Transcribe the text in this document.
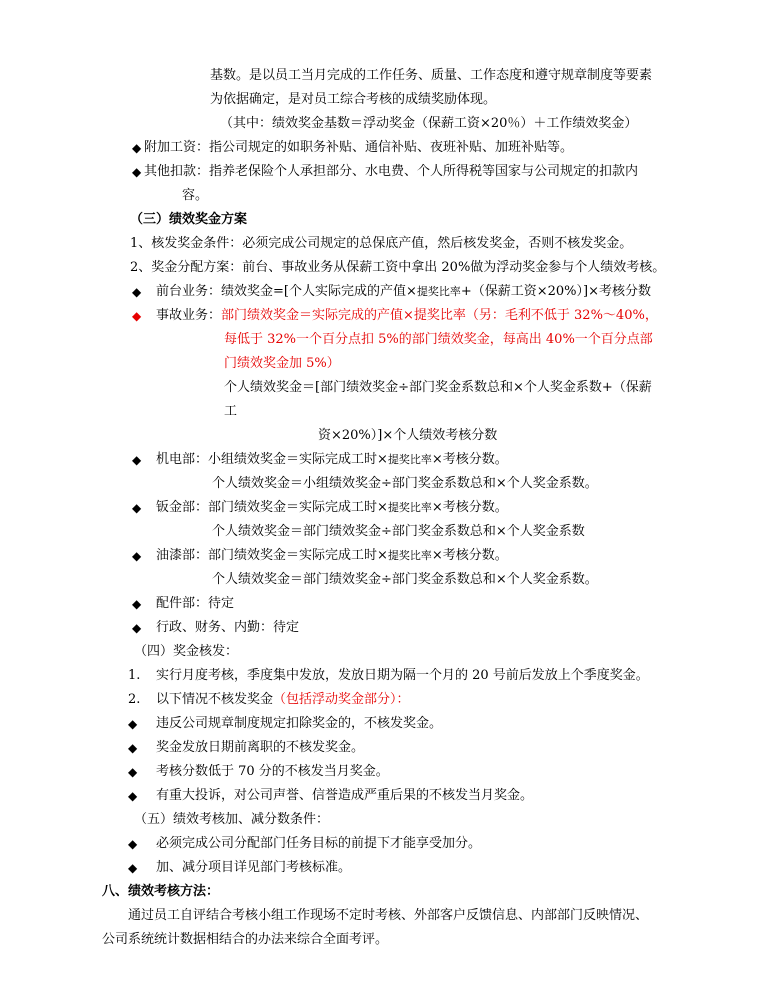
基数。是以员工当月完成的工作任务、质量、工作态度和遵守规章制度等要素
为依据确定，是对员工综合考核的成绩奖励体现。
（其中：绩效奖金基数＝浮动奖金（保薪工资×20％）＋工作绩效奖金）
◆ 附加工资：指公司规定的如职务补贴、通信补贴、夜班补贴、加班补贴等。
◆ 其他扣款：指养老保险个人承担部分、水电费、个人所得税等国家与公司规定的扣款内
容。
（三）绩效奖金方案
1、核发奖金条件：必须完成公司规定的总保底产值，然后核发奖金，否则不核发奖金。
2、奖金分配方案：前台、事故业务从保薪工资中拿出 20%做为浮动奖金参与个人绩效考核。
◆ 前台业务：绩效奖金=[个人实际完成的产值×提奖比率+（保薪工资×20%）]×考核分数
◆ 事故业务：部门绩效奖金＝实际完成的产值×提奖比率（另：毛利不低于 32%～40%，
每低于 32%一个百分点扣 5%的部门绩效奖金，每高出 40%一个百分点部
门绩效奖金加 5%）
个人绩效奖金＝[部门绩效奖金÷部门奖金系数总和×个人奖金系数+（保薪
工
资×20%）]×个人绩效考核分数
◆ 机电部：小组绩效奖金＝实际完成工时×提奖比率×考核分数。
个人绩效奖金＝小组绩效奖金÷部门奖金系数总和×个人奖金系数。
◆ 钣金部：部门绩效奖金＝实际完成工时×提奖比率×考核分数。
个人绩效奖金＝部门绩效奖金÷部门奖金系数总和×个人奖金系数
◆ 油漆部：部门绩效奖金＝实际完成工时×提奖比率×考核分数。
个人绩效奖金＝部门绩效奖金÷部门奖金系数总和×个人奖金系数。
◆ 配件部：待定
◆ 行政、财务、内勤：待定
（四）奖金核发：
1. 实行月度考核，季度集中发放，发放日期为隔一个月的 20 号前后发放上个季度奖金。
2. 以下情况不核发奖金（包括浮动奖金部分）：
◆ 违反公司规章制度规定扣除奖金的，不核发奖金。
◆ 奖金发放日期前离职的不核发奖金。
◆ 考核分数低于 70 分的不核发当月奖金。
◆ 有重大投诉，对公司声誉、信誉造成严重后果的不核发当月奖金。
（五）绩效考核加、减分数条件：
◆ 必须完成公司分配部门任务目标的前提下才能享受加分。
◆ 加、减分项目详见部门考核标准。
八、绩效考核方法：
通过员工自评结合考核小组工作现场不定时考核、外部客户反馈信息、内部部门反映情况、
公司系统统计数据相结合的办法来综合全面考评。
